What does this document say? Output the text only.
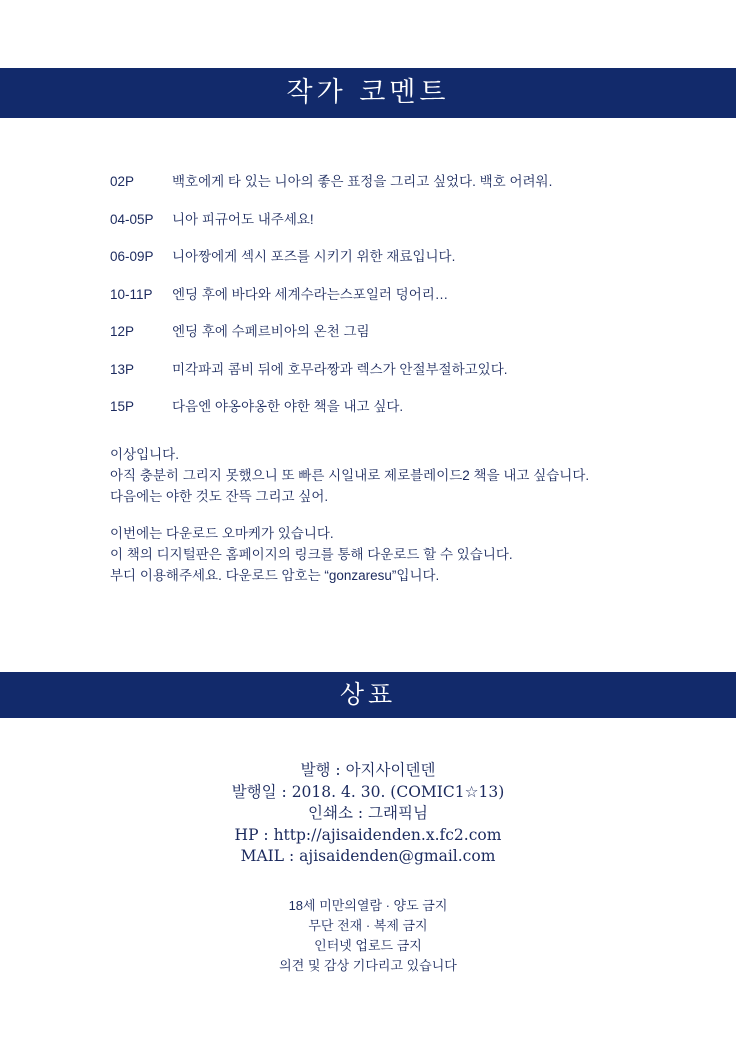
작가 코멘트
02P	백호에게 타 있는 니아의 좋은 표정을 그리고 싶었다. 백호 어려워.
04-05P	니아 피규어도 내주세요!
06-09P	니아짱에게 섹시 포즈를 시키기 위한 재료입니다.
10-11P	엔딩 후에 바다와 세계수라는스포일러 덩어리…
12P	엔딩 후에 수페르비아의 온천 그림
13P	미각파괴 콤비 뒤에 호무라짱과 렉스가 안절부절하고있다.
15P	다음엔 야옹야옹한 야한 책을 내고 싶다.
이상입니다.
아직 충분히 그리지 못했으니 또 빠른 시일내로 제로블레이드2 책을 내고 싶습니다.
다음에는 야한 것도 잔뜩 그리고 싶어.
이번에는 다운로드 오마케가 있습니다.
이 책의 디지털판은 홈페이지의 링크를 통해 다운로드 할 수 있습니다.
부디 이용해주세요. 다운로드 암호는 “gonzaresu”입니다.
상표
발행 : 아지사이덴덴
발행일 : 2018. 4. 30. (COMIC1☆13)
인쇄소 : 그래픽님
HP : http://ajisaidenden.x.fc2.com
MAIL : ajisaidenden@gmail.com
18세 미만의열람 · 양도 금지
무단 전재 · 복제 금지
인터넷 업로드 금지
의견 및 감상 기다리고 있습니다
